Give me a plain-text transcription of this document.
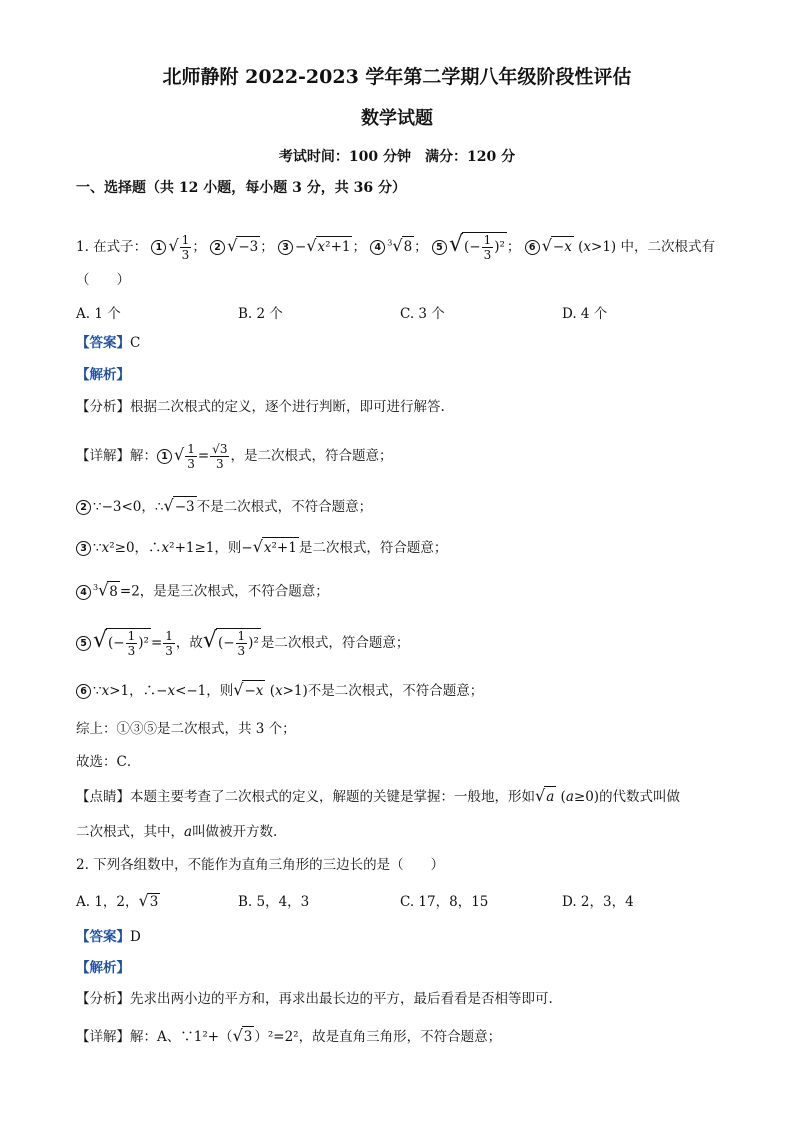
北师静附 2022-2023 学年第二学期八年级阶段性评估
数学试题
考试时间：100 分钟　满分：120 分
一、选择题（共 12 小题，每小题 3 分，共 36 分）
1. 在式子： 1 √ $\frac{1}{3}$ ； 2 √−3 ； 3 −√x²+1 ； 4 $^3$√8 ； 5 √(− $\frac{1}{3} )^2$ ； 6 √−x (x>1) 中，二次根式有
（　　）
A. 1 个	B. 2 个	C. 3 个	D. 4 个
【答案】C
【解析】
【分析】根据二次根式的定义，逐个进行判断，即可进行解答.
【详解】解： 1 √ $\frac{1}{3} = \frac{√3}{3}$ ，是二次根式，符合题意；
2 ∵−3<0，∴√−3 不是二次根式，不符合题意；
3 ∵x²≥0，∴x²+1≥1，则−√x²+1 是二次根式，符合题意；
4 $^3$√8 =2，是是三次根式，不符合题意；
5 √(− $\frac{1}{3} )^2 = \frac{1}{3}$ ，故√(− $\frac{1}{3} )^2$ 是二次根式，符合题意；
6 ∵x>1，∴−x<−1，则√−x (x>1)不是二次根式，不符合题意；
综上：①③⑤是二次根式，共 3 个；
故选：C．
【点睛】本题主要考查了二次根式的定义，解题的关键是掌握：一般地，形如√a (a≥0)的代数式叫做
二次根式，其中，a叫做被开方数.
2. 下列各组数中，不能作为直角三角形的三边长的是（　　）
A. 1，2，√3	B. 5，4，3	C. 17，8，15	D. 2，3，4
【答案】D
【解析】
【分析】先求出两小边的平方和，再求出最长边的平方，最后看看是否相等即可.
【详解】解：A、∵1²+（√3 ）²=2²，故是直角三角形，不符合题意；
